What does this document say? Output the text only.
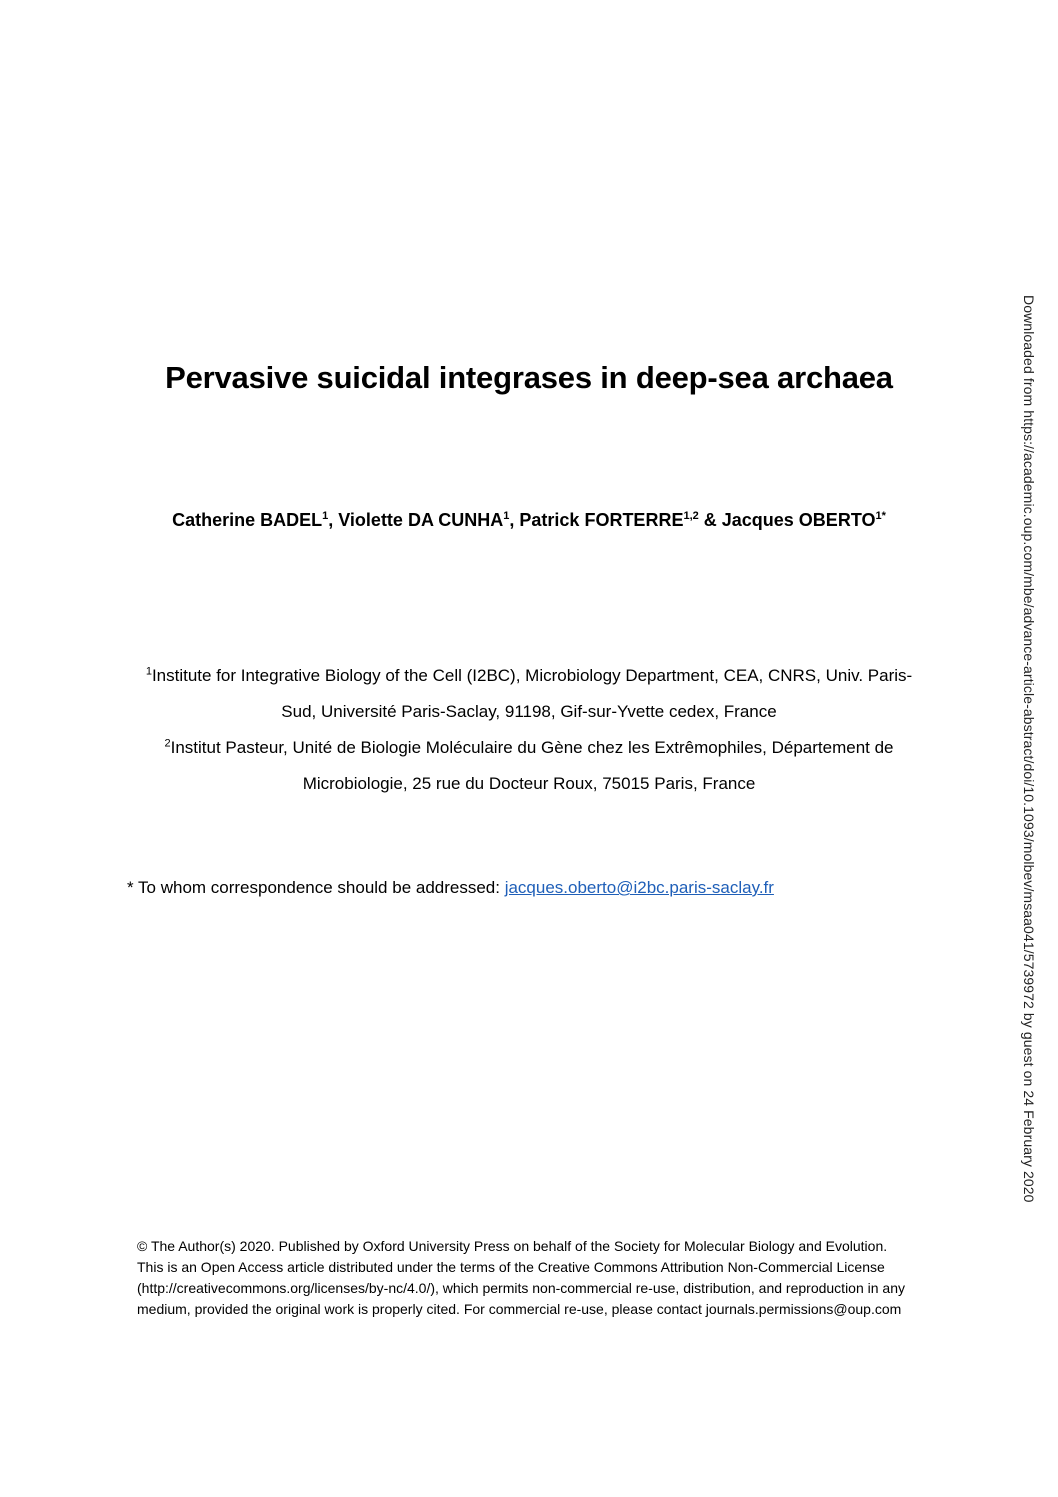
Pervasive suicidal integrases in deep-sea archaea
Catherine BADEL$^1$, Violette DA CUNHA$^1$, Patrick FORTERRE$^{1,2}$ & Jacques $OBERTO^{1*}$
$^1$Institute for Integrative Biology of the Cell (I2BC), Microbiology Department, CEA, CNRS, Univ. Paris-
Sud, Université Paris-Saclay, 91198, Gif-sur-Yvette cedex, France
$^2$Institut Pasteur, Unité de Biologie Moléculaire du Gène chez les Extrêmophiles, Département de
Microbiologie, 25 rue du Docteur Roux, 75015 Paris, France
* To whom correspondence should be addressed: jacques.oberto@i2bc.paris-saclay.fr
© The Author(s) 2020. Published by Oxford University Press on behalf of the Society for Molecular Biology and Evolution.
This is an Open Access article distributed under the terms of the Creative Commons Attribution Non-Commercial License
(http://creativecommons.org/licenses/by-nc/4.0/), which permits non-commercial re-use, distribution, and reproduction in any
medium, provided the original work is properly cited. For commercial re-use, please contact journals.permissions@oup.com
Downloaded from https://academic.oup.com/mbe/advance-article-abstract/doi/10.1093/molbev/msaa041/5739972 by guest on 24 February 2020
